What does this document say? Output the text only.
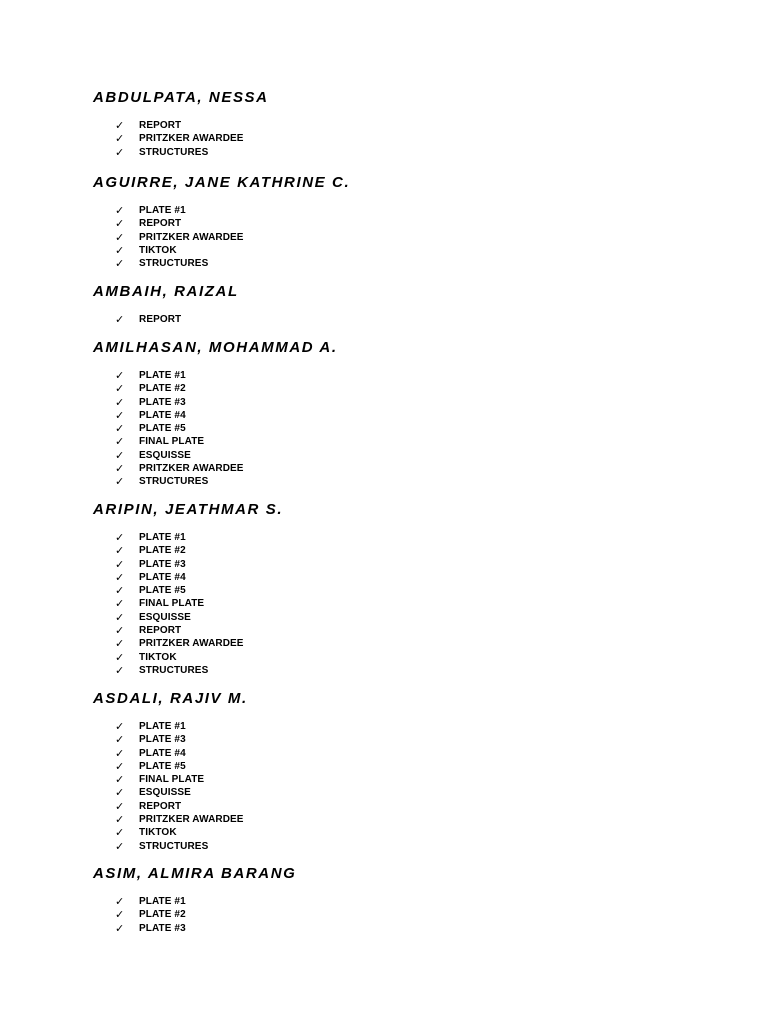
ABDULPATA, NESSA
✓ REPORT
✓ PRITZKER AWARDEE
✓ STRUCTURES
AGUIRRE, JANE KATHRINE C.
✓ PLATE #1
✓ REPORT
✓ PRITZKER AWARDEE
✓ TIKTOK
✓ STRUCTURES
AMBAIH, RAIZAL
✓ REPORT
AMILHASAN, MOHAMMAD A.
✓ PLATE #1
✓ PLATE #2
✓ PLATE #3
✓ PLATE #4
✓ PLATE #5
✓ FINAL PLATE
✓ ESQUISSE
✓ PRITZKER AWARDEE
✓ STRUCTURES
ARIPIN, JEATHMAR S.
✓ PLATE #1
✓ PLATE #2
✓ PLATE #3
✓ PLATE #4
✓ PLATE #5
✓ FINAL PLATE
✓ ESQUISSE
✓ REPORT
✓ PRITZKER AWARDEE
✓ TIKTOK
✓ STRUCTURES
ASDALI, RAJIV M.
✓ PLATE #1
✓ PLATE #3
✓ PLATE #4
✓ PLATE #5
✓ FINAL PLATE
✓ ESQUISSE
✓ REPORT
✓ PRITZKER AWARDEE
✓ TIKTOK
✓ STRUCTURES
ASIM, ALMIRA BARANG
✓ PLATE #1
✓ PLATE #2
✓ PLATE #3
